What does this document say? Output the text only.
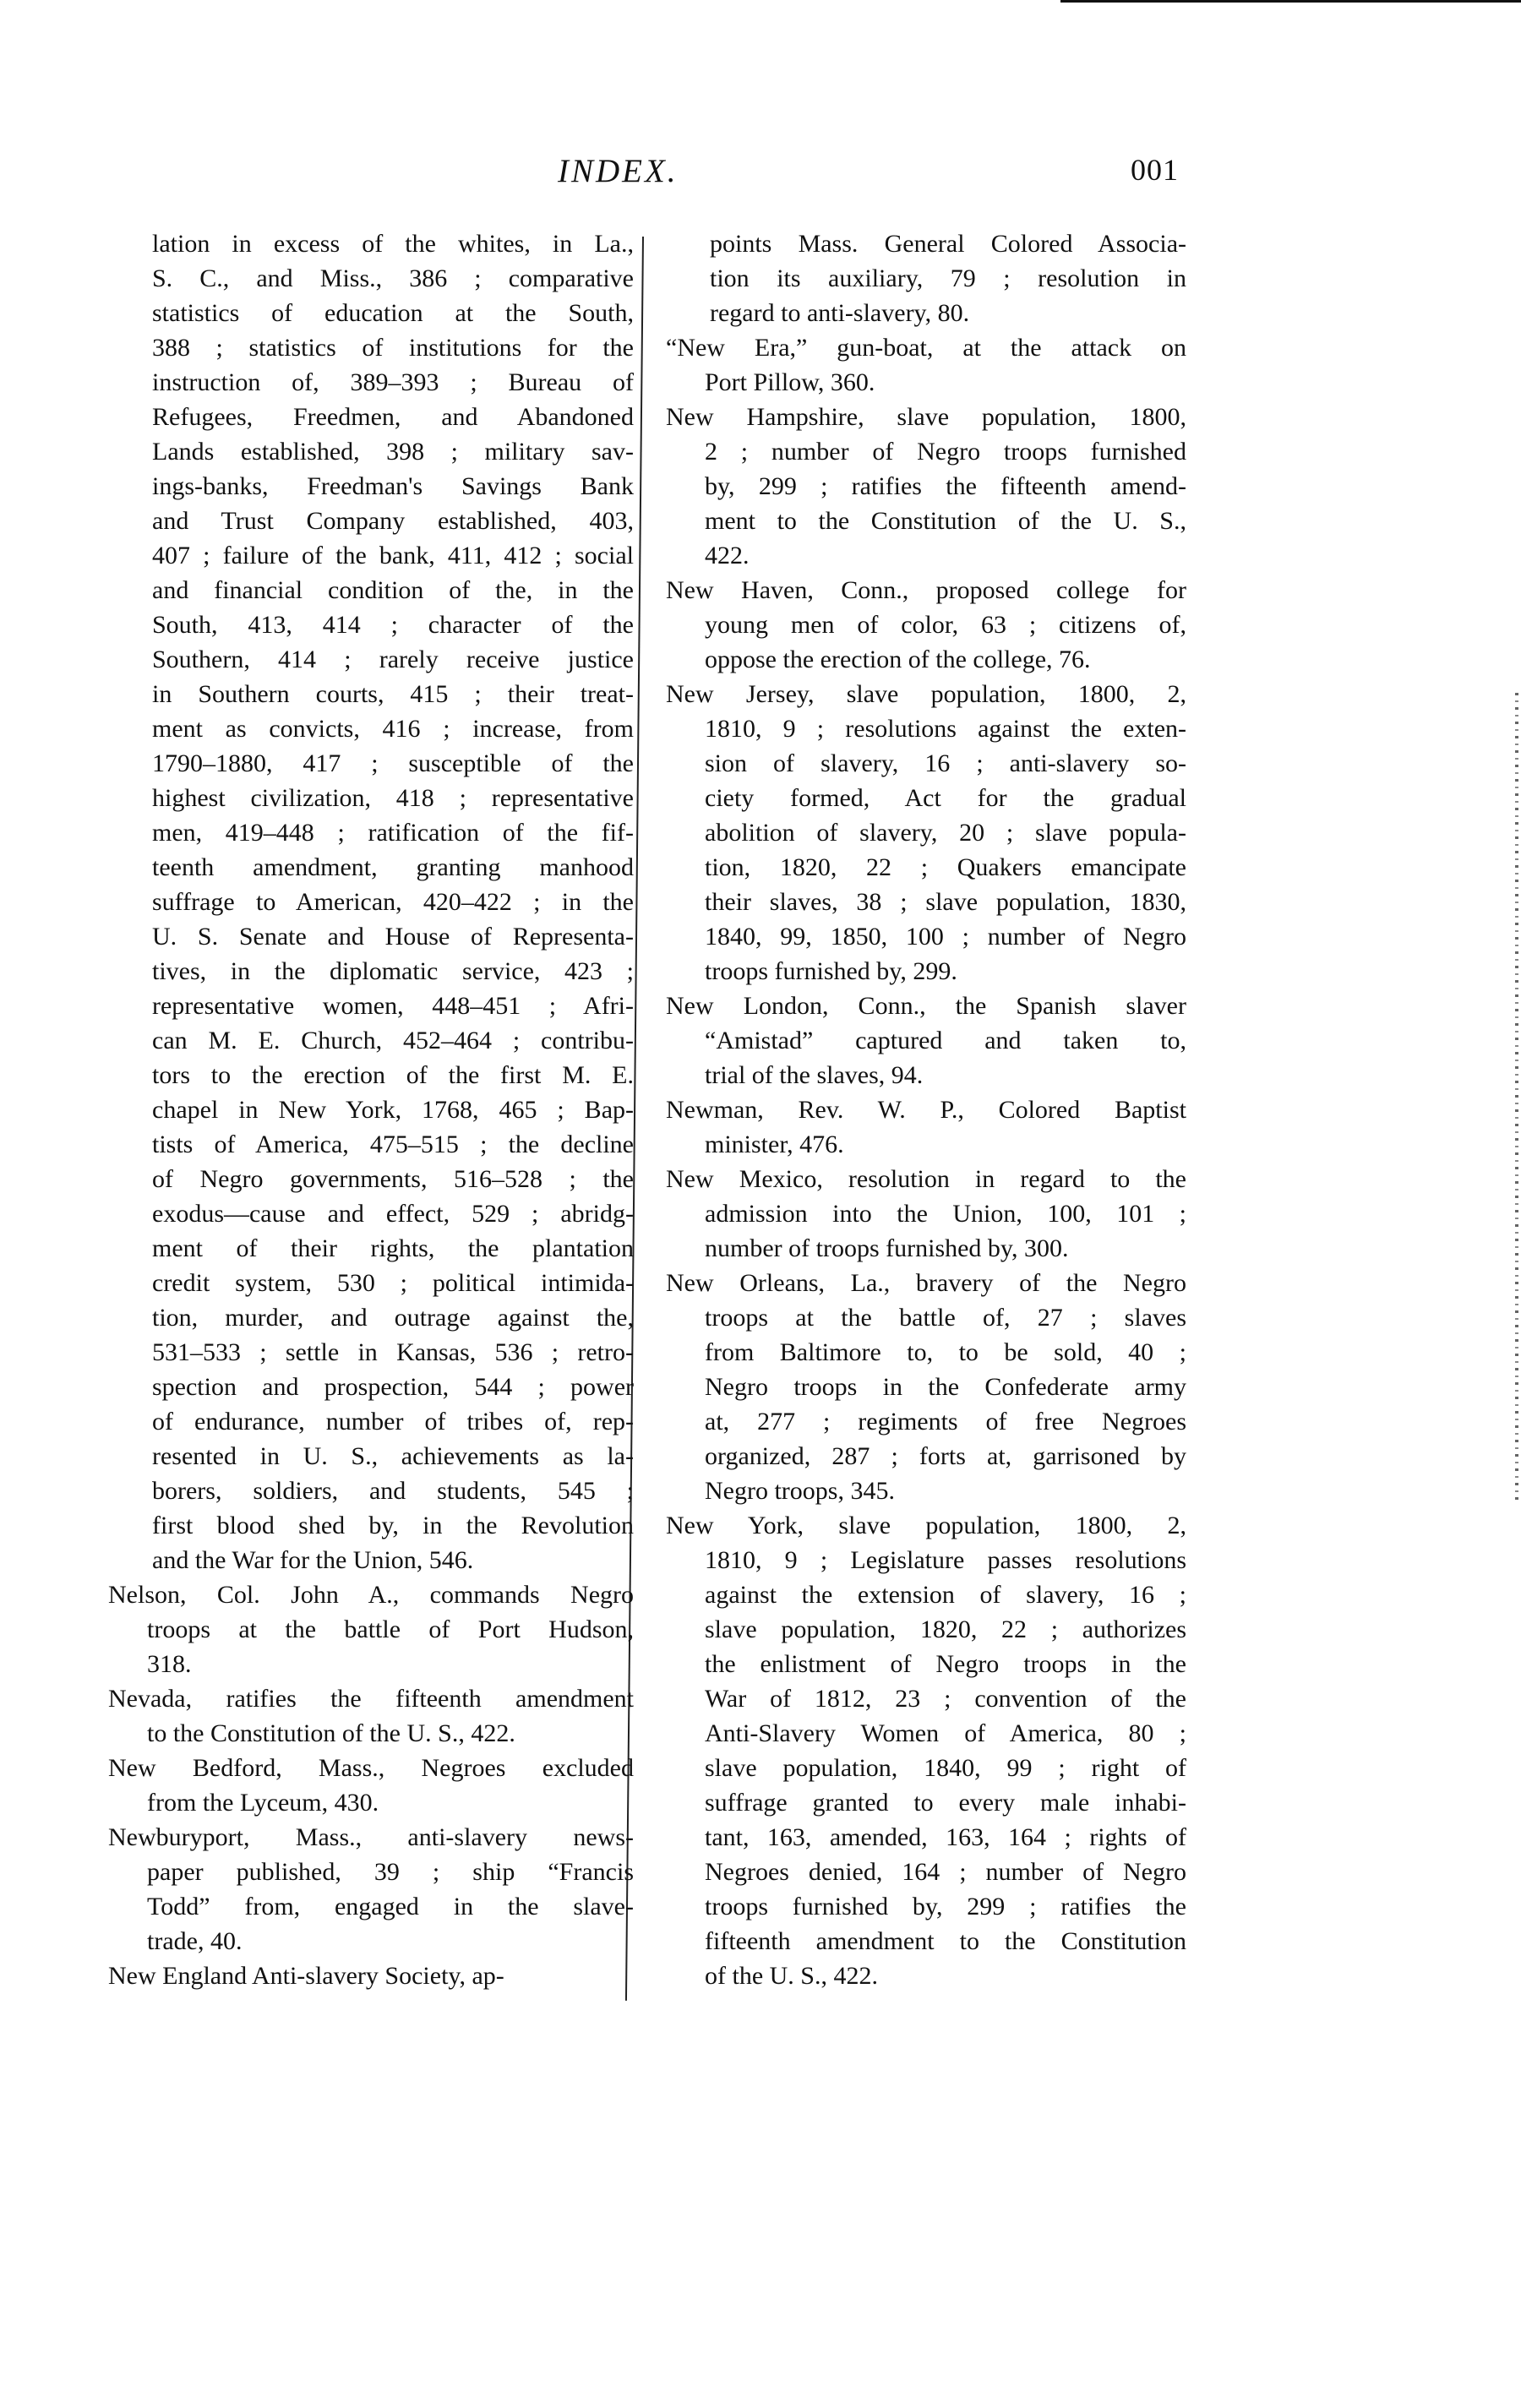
INDEX.	001
lation in excess of the whites, in La.,
S. C., and Miss., 386 ; comparative
statistics of education at the South,
388 ; statistics of institutions for the
instruction of, 389–393 ; Bureau of
Refugees, Freedmen, and Abandoned
Lands established, 398 ; military sav-
ings-banks, Freedman's Savings Bank
and Trust Company established, 403,
407 ; failure of the bank, 411, 412 ; social
and financial condition of the, in the
South, 413, 414 ; character of the
Southern, 414 ; rarely receive justice
in Southern courts, 415 ; their treat-
ment as convicts, 416 ; increase, from
1790–1880, 417 ; susceptible of the
highest civilization, 418 ; representative
men, 419–448 ; ratification of the fif-
teenth amendment, granting manhood
suffrage to American, 420–422 ; in the
U. S. Senate and House of Representa-
tives, in the diplomatic service, 423 ;
representative women, 448–451 ; Afri-
can M. E. Church, 452–464 ; contribu-
tors to the erection of the first M. E.
chapel in New York, 1768, 465 ; Bap-
tists of America, 475–515 ; the decline
of Negro governments, 516–528 ; the
exodus—cause and effect, 529 ; abridg-
ment of their rights, the plantation
credit system, 530 ; political intimida-
tion, murder, and outrage against the,
531–533 ; settle in Kansas, 536 ; retro-
spection and prospection, 544 ; power
of endurance, number of tribes of, rep-
resented in U. S., achievements as la-
borers, soldiers, and students, 545 ;
first blood shed by, in the Revolution
and the War for the Union, 546.
Nelson, Col. John A., commands Negro
troops at the battle of Port Hudson,
318.
Nevada, ratifies the fifteenth amendment
to the Constitution of the U. S., 422.
New Bedford, Mass., Negroes excluded
from the Lyceum, 430.
Newburyport, Mass., anti-slavery news-
paper published, 39 ; ship “Francis
Todd” from, engaged in the slave-
trade, 40.
New England Anti-slavery Society, ap-
points Mass. General Colored Associa-
tion its auxiliary, 79 ; resolution in
regard to anti-slavery, 80.
“New Era,” gun-boat, at the attack on
Port Pillow, 360.
New Hampshire, slave population, 1800,
2 ; number of Negro troops furnished
by, 299 ; ratifies the fifteenth amend-
ment to the Constitution of the U. S.,
422.
New Haven, Conn., proposed college for
young men of color, 63 ; citizens of,
oppose the erection of the college, 76.
New Jersey, slave population, 1800, 2,
1810, 9 ; resolutions against the exten-
sion of slavery, 16 ; anti-slavery so-
ciety formed, Act for the gradual
abolition of slavery, 20 ; slave popula-
tion, 1820, 22 ; Quakers emancipate
their slaves, 38 ; slave population, 1830,
1840, 99, 1850, 100 ; number of Negro
troops furnished by, 299.
New London, Conn., the Spanish slaver
“Amistad” captured and taken to,
trial of the slaves, 94.
Newman, Rev. W. P., Colored Baptist
minister, 476.
New Mexico, resolution in regard to the
admission into the Union, 100, 101 ;
number of troops furnished by, 300.
New Orleans, La., bravery of the Negro
troops at the battle of, 27 ; slaves
from Baltimore to, to be sold, 40 ;
Negro troops in the Confederate army
at, 277 ; regiments of free Negroes
organized, 287 ; forts at, garrisoned by
Negro troops, 345.
New York, slave population, 1800, 2,
1810, 9 ; Legislature passes resolutions
against the extension of slavery, 16 ;
slave population, 1820, 22 ; authorizes
the enlistment of Negro troops in the
War of 1812, 23 ; convention of the
Anti-Slavery Women of America, 80 ;
slave population, 1840, 99 ; right of
suffrage granted to every male inhabi-
tant, 163, amended, 163, 164 ; rights of
Negroes denied, 164 ; number of Negro
troops furnished by, 299 ; ratifies the
fifteenth amendment to the Constitution
of the U. S., 422.
